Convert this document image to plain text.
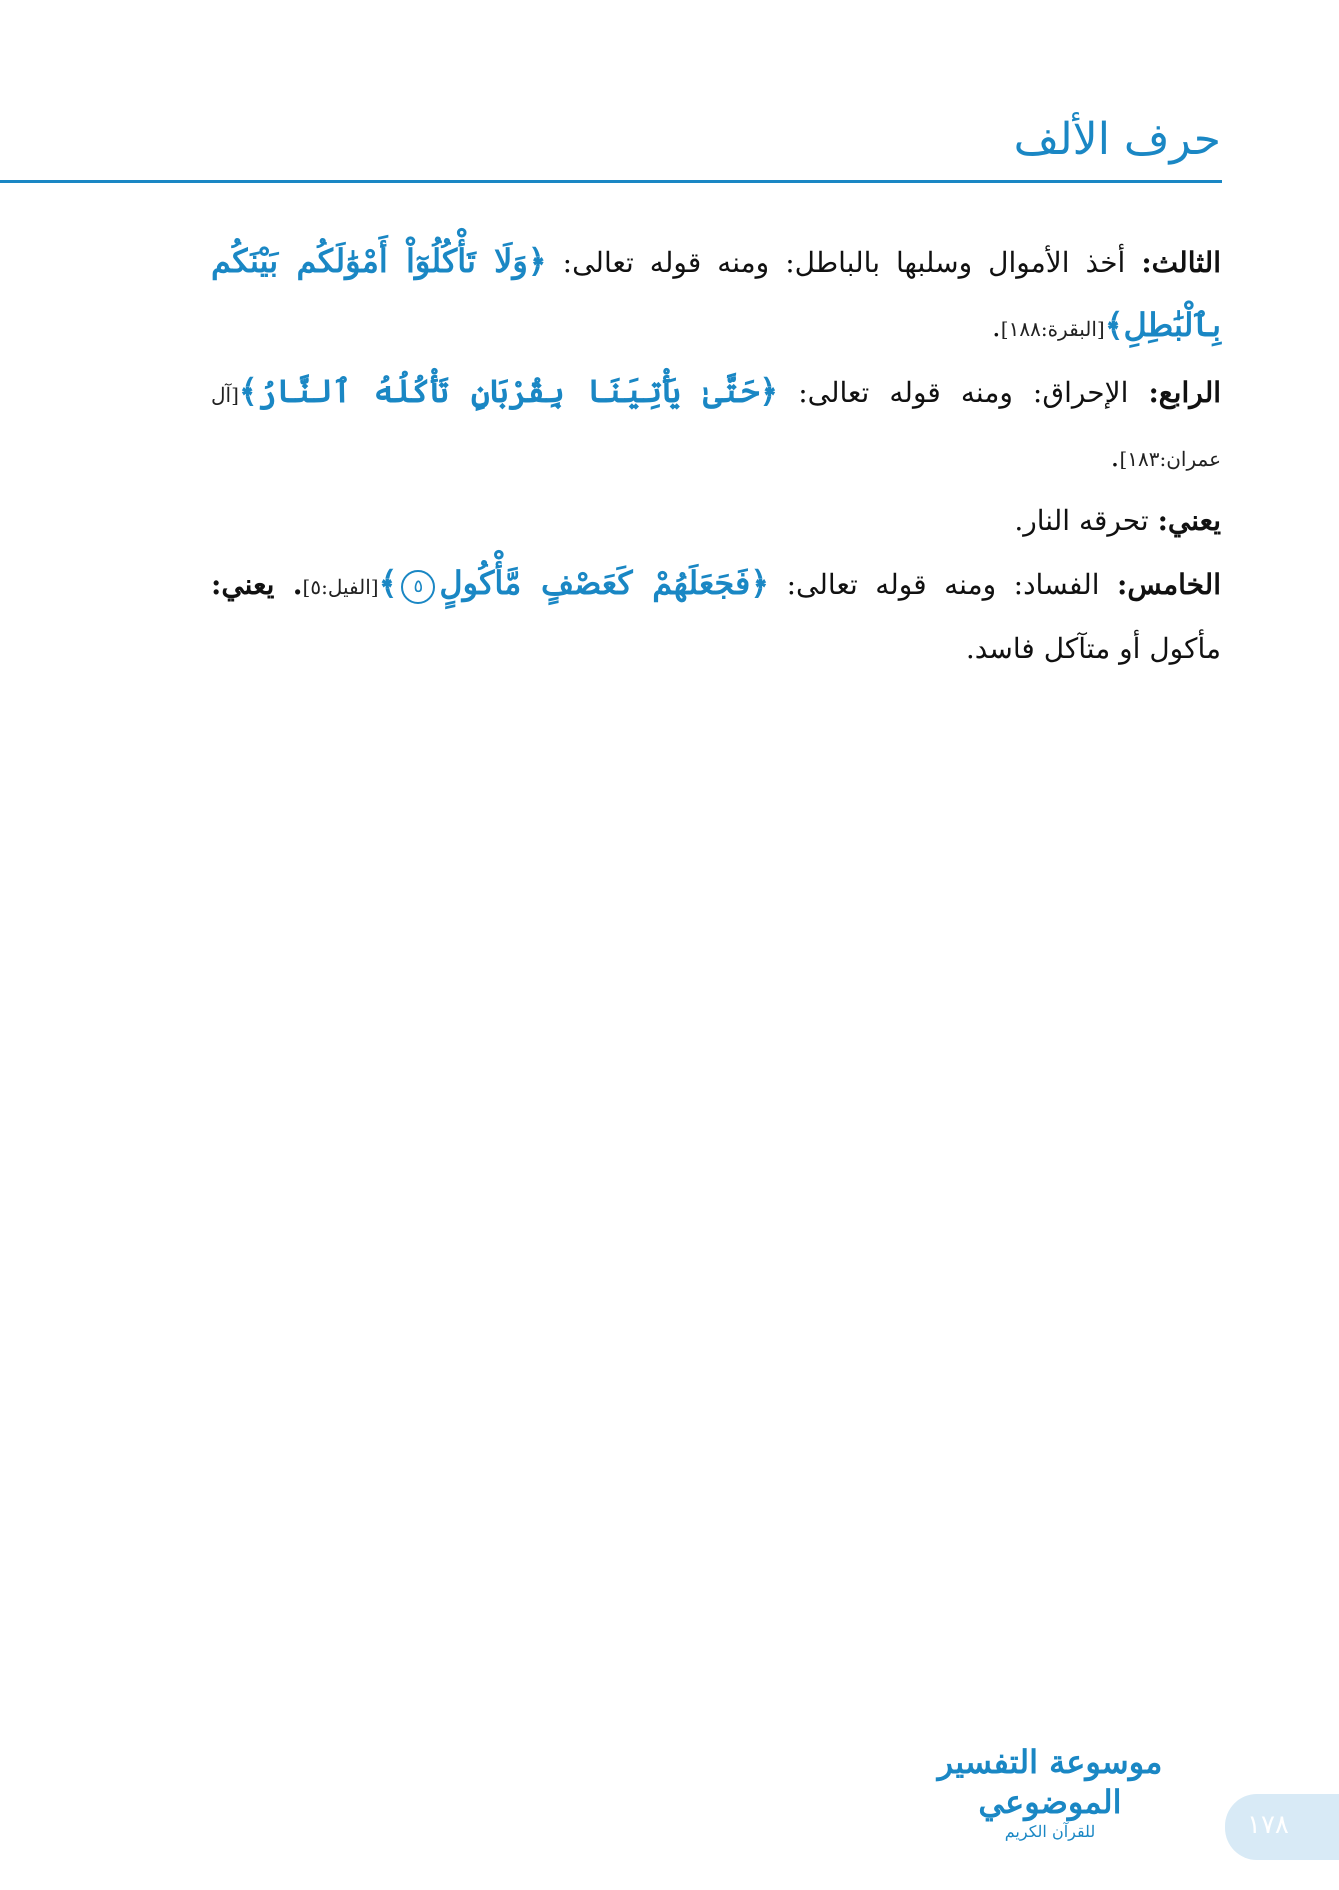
حرف الألف

الثالث: أخذ الأموال وسلبها بالباطل: ومنه قوله تعالى: ﴿وَلَا تَأْكُلُوٓاْ أَمْوَٰلَكُم بَيْنَكُم بِٱلْبَٰطِلِ﴾[البقرة:١٨٨].

الرابع: الإحراق: ومنه قوله تعالى: ﴿حَتَّىٰ يَأْتِيَنَا بِقُرْبَانٍ تَأْكُلُهُ ٱلنَّارُ﴾[آل عمران:١٨٣].

يعني: تحرقه النار.

الخامس: الفساد: ومنه قوله تعالى: ﴿فَجَعَلَهُمْ كَعَصْفٍ مَّأْكُولٍ٥﴾[الفيل:٥]. يعني: مأكول أو متآكل فاسد.

موسوعة التفسير الموضوعي
للقرآن الكريم	١٧٨
